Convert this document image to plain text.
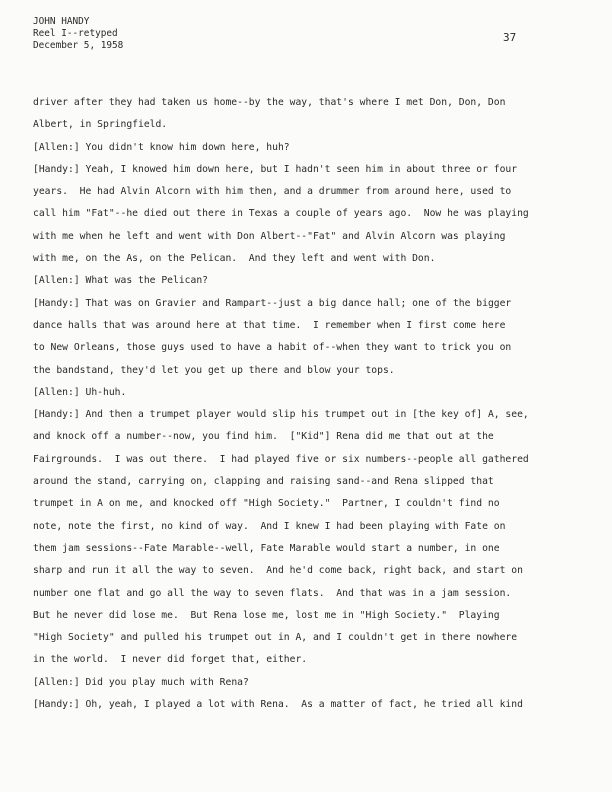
JOHN HANDY
Reel I--retyped
December 5, 1958
37
driver after they had taken us home--by the way, that's where I met Don, Don, Don
Albert, in Springfield.
[Allen:] You didn't know him down here, huh?
[Handy:] Yeah, I knowed him down here, but I hadn't seen him in about three or four
years.  He had Alvin Alcorn with him then, and a drummer from around here, used to
call him "Fat"--he died out there in Texas a couple of years ago.  Now he was playing
with me when he left and went with Don Albert--"Fat" and Alvin Alcorn was playing
with me, on the As, on the Pelican.  And they left and went with Don.
[Allen:] What was the Pelican?
[Handy:] That was on Gravier and Rampart--just a big dance hall; one of the bigger
dance halls that was around here at that time.  I remember when I first come here
to New Orleans, those guys used to have a habit of--when they want to trick you on
the bandstand, they'd let you get up there and blow your tops.
[Allen:] Uh-huh.
[Handy:] And then a trumpet player would slip his trumpet out in [the key of] A, see,
and knock off a number--now, you find him.  ["Kid"] Rena did me that out at the
Fairgrounds.  I was out there.  I had played five or six numbers--people all gathered
around the stand, carrying on, clapping and raising sand--and Rena slipped that
trumpet in A on me, and knocked off "High Society."  Partner, I couldn't find no
note, note the first, no kind of way.  And I knew I had been playing with Fate on
them jam sessions--Fate Marable--well, Fate Marable would start a number, in one
sharp and run it all the way to seven.  And he'd come back, right back, and start on
number one flat and go all the way to seven flats.  And that was in a jam session.
But he never did lose me.  But Rena lose me, lost me in "High Society."  Playing
"High Society" and pulled his trumpet out in A, and I couldn't get in there nowhere
in the world.  I never did forget that, either.
[Allen:] Did you play much with Rena?
[Handy:] Oh, yeah, I played a lot with Rena.  As a matter of fact, he tried all kind
